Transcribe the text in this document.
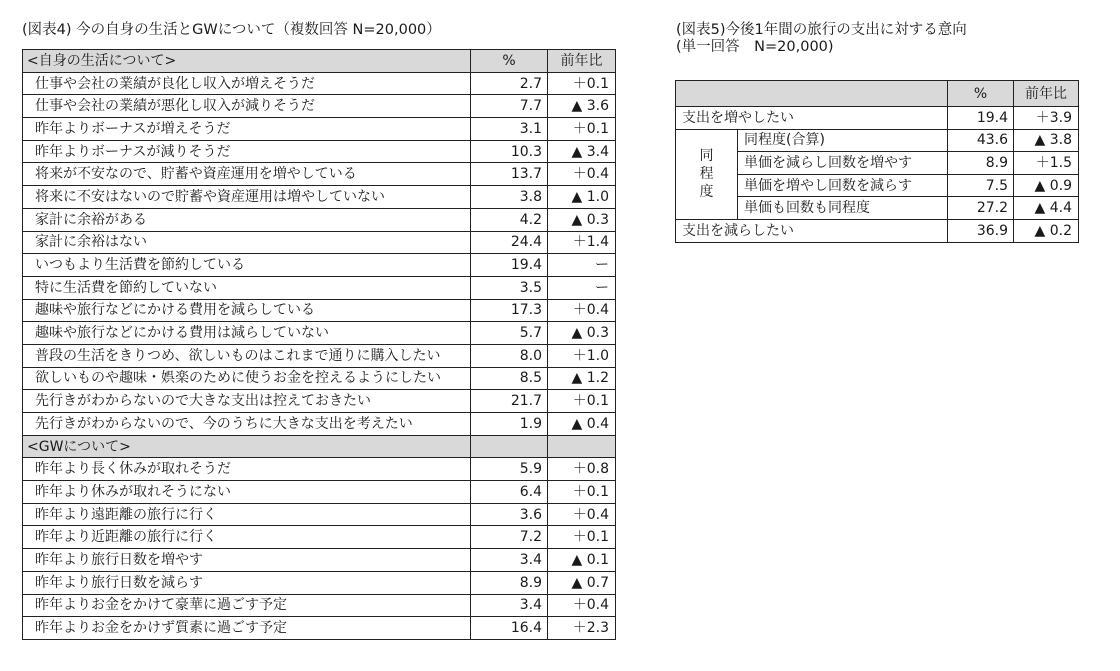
(図表4) 今の自身の生活とGWについて（複数回答 N=20,000）
<自身の生活について>	%	前年比
仕事や会社の業績が良化し収入が増えそうだ	2.7	＋0.1
仕事や会社の業績が悪化し収入が減りそうだ	7.7	▲ 3.6
昨年よりボーナスが増えそうだ	3.1	＋0.1
昨年よりボーナスが減りそうだ	10.3	▲ 3.4
将来が不安なので、貯蓄や資産運用を増やしている	13.7	＋0.4
将来に不安はないので貯蓄や資産運用は増やしていない	3.8	▲ 1.0
家計に余裕がある	4.2	▲ 0.3
家計に余裕はない	24.4	＋1.4
いつもより生活費を節約している	19.4	ー
特に生活費を節約していない	3.5	ー
趣味や旅行などにかける費用を減らしている	17.3	＋0.4
趣味や旅行などにかける費用は減らしていない	5.7	▲ 0.3
普段の生活をきりつめ、欲しいものはこれまで通りに購入したい	8.0	＋1.0
欲しいものや趣味・娯楽のために使うお金を控えるようにしたい	8.5	▲ 1.2
先行きがわからないので大きな支出は控えておきたい	21.7	＋0.1
先行きがわからないので、今のうちに大きな支出を考えたい	1.9	▲ 0.4
<GWについて>		
昨年より長く休みが取れそうだ	5.9	＋0.8
昨年より休みが取れそうにない	6.4	＋0.1
昨年より遠距離の旅行に行く	3.6	＋0.4
昨年より近距離の旅行に行く	7.2	＋0.1
昨年より旅行日数を増やす	3.4	▲ 0.1
昨年より旅行日数を減らす	8.9	▲ 0.7
昨年よりお金をかけて豪華に過ごす予定	3.4	＋0.4
昨年よりお金をかけず質素に過ごす予定	16.4	＋2.3
(図表5)今後1年間の旅行の支出に対する意向
(単一回答　N=20,000)
		%	前年比
支出を増やしたい		19.4	＋3.9

同
程
度	同程度(合算)	43.6	▲ 3.8
	単価を減らし回数を増やす	8.9	＋1.5
	単価を増やし回数を減らす	7.5	▲ 0.9
	単価も回数も同程度	27.2	▲ 4.4
支出を減らしたい		36.9	▲ 0.2
